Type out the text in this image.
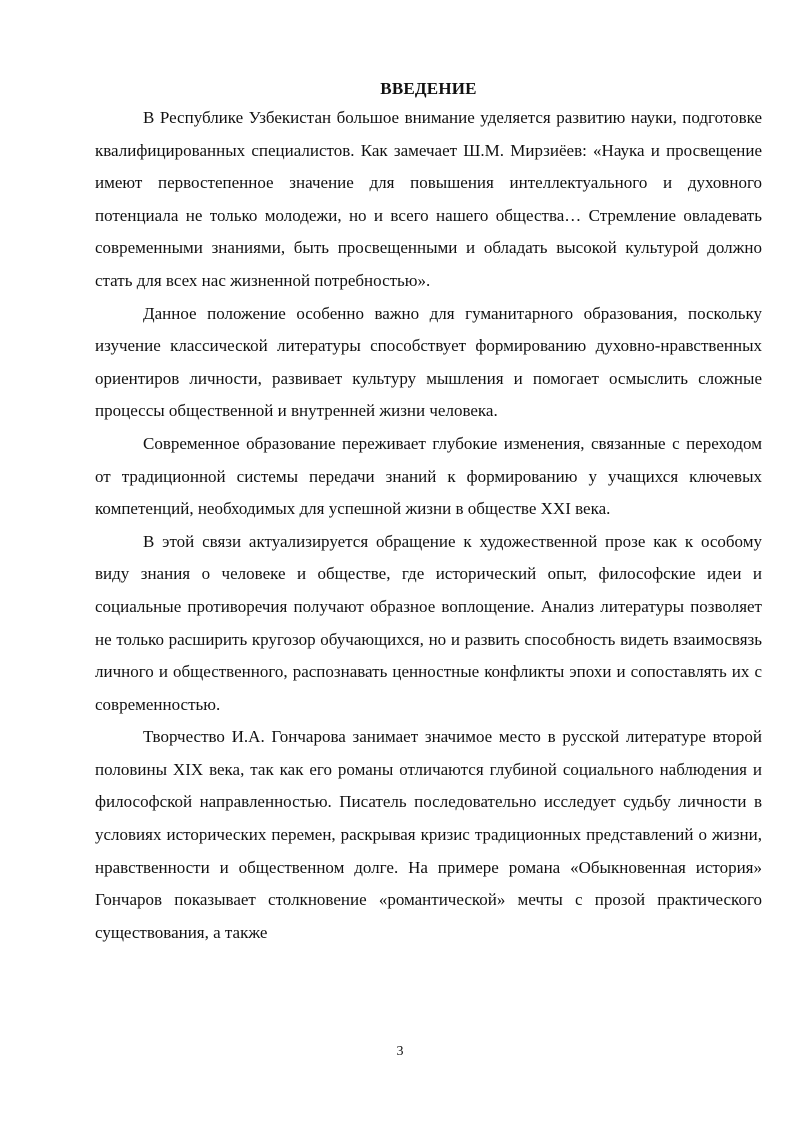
ВВЕДЕНИЕ

В Республике Узбекистан большое внимание уделяется развитию науки, подготовке квалифицированных специалистов. Как замечает Ш.М. Мирзиёев: «Наука и просвещение имеют первостепенное значение для повышения интеллектуального и духовного потенциала не только молодежи, но и всего нашего общества… Стремление овладевать современными знаниями, быть просвещенными и обладать высокой культурой должно стать для всех нас жизненной потребностью».

Данное положение особенно важно для гуманитарного образования, поскольку изучение классической литературы способствует формированию духовно-нравственных ориентиров личности, развивает культуру мышления и помогает осмыслить сложные процессы общественной и внутренней жизни человека.

Современное образование переживает глубокие изменения, связанные с переходом от традиционной системы передачи знаний к формированию у учащихся ключевых компетенций, необходимых для успешной жизни в обществе XXI века.

В этой связи актуализируется обращение к художественной прозе как к особому виду знания о человеке и обществе, где исторический опыт, философские идеи и социальные противоречия получают образное воплощение. Анализ литературы позволяет не только расширить кругозор обучающихся, но и развить способность видеть взаимосвязь личного и общественного, распознавать ценностные конфликты эпохи и сопоставлять их с современностью.

Творчество И.А. Гончарова занимает значимое место в русской литературе второй половины XIX века, так как его романы отличаются глубиной социального наблюдения и философской направленностью. Писатель последовательно исследует судьбу личности в условиях исторических перемен, раскрывая кризис традиционных представлений о жизни, нравственности и общественном долге. На примере романа «Обыкновенная история» Гончаров показывает столкновение «романтической» мечты с прозой практического существования, а также

3
